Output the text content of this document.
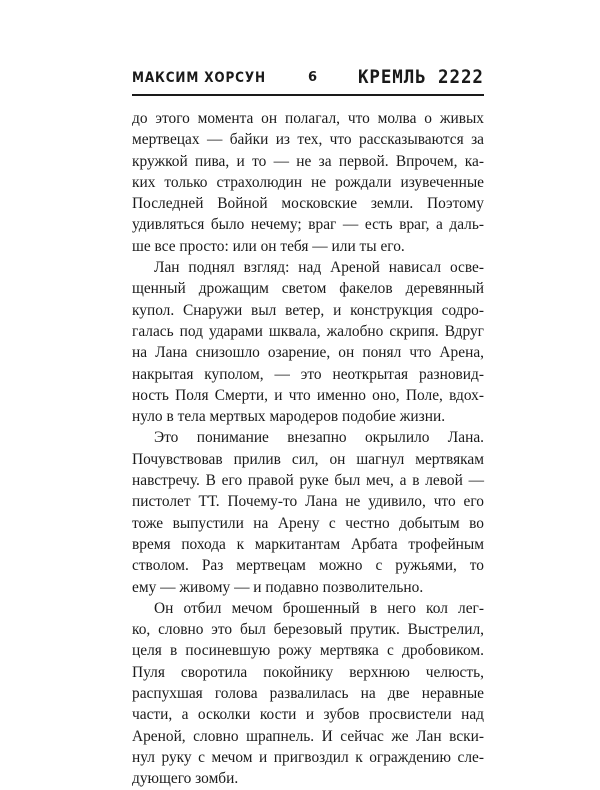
МАКСИМ ХОРСУН	6 КРЕМЛЬ 2222

до этого момента он полагал, что молва о живых
мертвецах — байки из тех, что рассказываются за
кружкой пива, и то — не за первой. Впрочем, ка-
ких только страхолюдин не рождали изувеченные
Последней Войной московские земли. Поэтому
удивляться было нечему; враг — есть враг, а даль-
ше все просто: или он тебя — или ты его.

Лан поднял взгляд: над Ареной нависал осве-
щенный дрожащим светом факелов деревянный
купол. Снаружи выл ветер, и конструкция содро-
галась под ударами шквала, жалобно скрипя. Вдруг
на Лана снизошло озарение, он понял что Арена,
накрытая куполом, — это неоткрытая разновид-
ность Поля Смерти, и что именно оно, Поле, вдох-
нуло в тела мертвых мародеров подобие жизни.

Это понимание внезапно окрылило Лана.
Почувствовав прилив сил, он шагнул мертвякам
навстречу. В его правой руке был меч, а в левой —
пистолет ТТ. Почему-то Лана не удивило, что его
тоже выпустили на Арену с честно добытым во
время похода к маркитантам Арбата трофейным
стволом. Раз мертвецам можно с ружьями, то
ему — живому — и подавно позволительно.

Он отбил мечом брошенный в него кол лег-
ко, словно это был березовый прутик. Выстрелил,
целя в посиневшую рожу мертвяка с дробовиком.
Пуля своротила покойнику верхнюю челюсть,
распухшая голова развалилась на две неравные
части, а осколки кости и зубов просвистели над
Ареной, словно шрапнель. И сейчас же Лан вски-
нул руку с мечом и пригвоздил к ограждению сле-
дующего зомби.
